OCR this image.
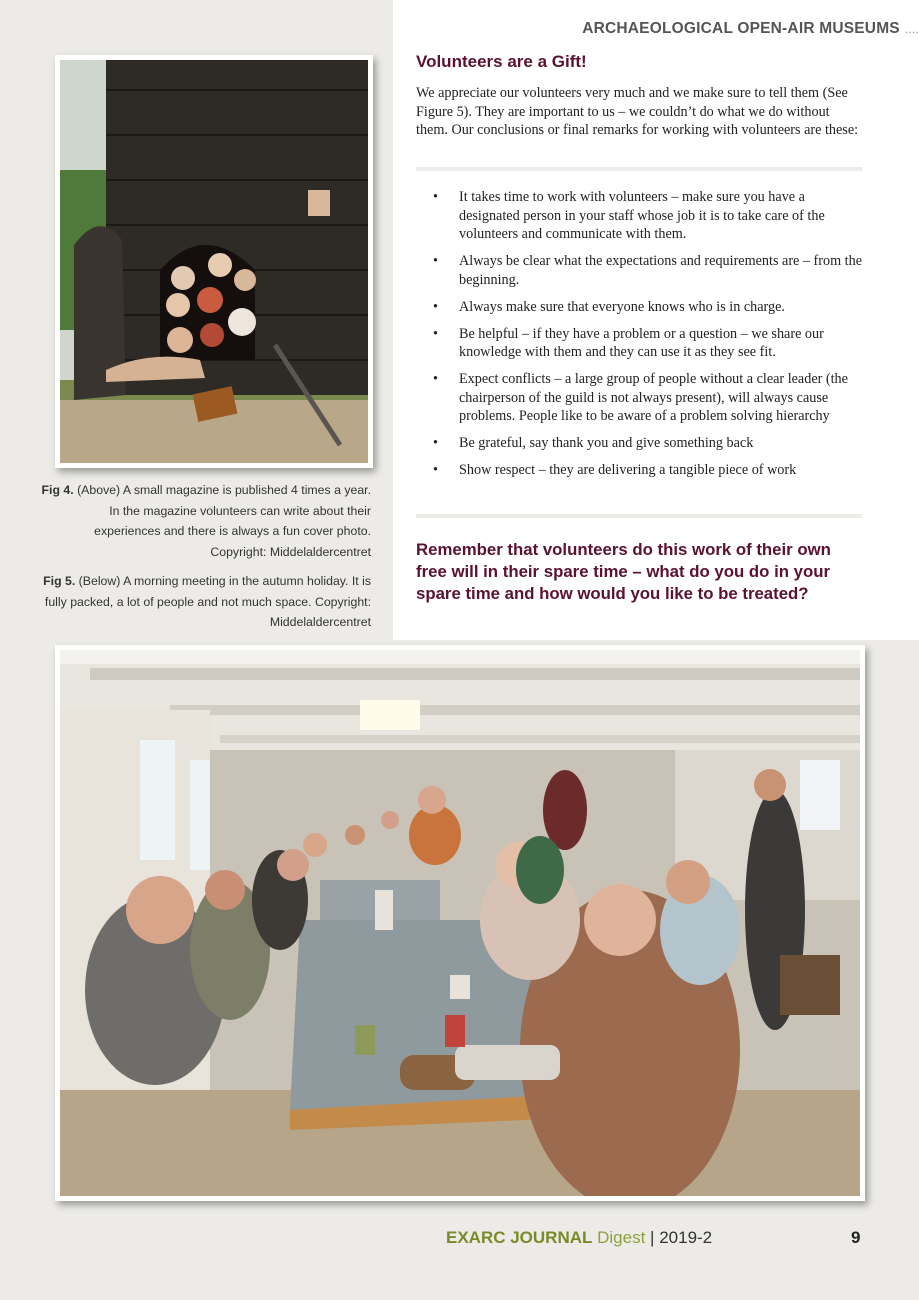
ARCHAEOLOGICAL OPEN-AIR MUSEUMS ....
Volunteers are a Gift!

We appreciate our volunteers very much and we make sure to tell them (See Figure 5). They are important to us – we couldn’t do what we do without them. Our conclusions or final remarks for working with volunteers are these:

• It takes time to work with volunteers – make sure you have a designated person in your staff whose job it is to take care of the volunteers and communicate with them.
• Always be clear what the expectations and requirements are – from the beginning.
• Always make sure that everyone knows who is in charge.
• Be helpful – if they have a problem or a question – we share our knowledge with them and they can use it as they see fit.
• Expect conflicts – a large group of people without a clear leader (the chairperson of the guild is not always present), will always cause problems. People like to be aware of a problem solving hierarchy
• Be grateful, say thank you and give something back
• Show respect – they are delivering a tangible piece of work

Remember that volunteers do this work of their own free will in their spare time – what do you do in your spare time and how would you like to be treated?

Fig 4. (Above) A small magazine is published 4 times a year. In the magazine volunteers can write about their experiences and there is always a fun cover photo. Copyright: Middelaldercentret

Fig 5. (Below) A morning meeting in the autumn holiday. It is fully packed, a lot of people and not much space. Copyright: Middelaldercentret

EXARC JOURNAL Digest | 2019-2	9
